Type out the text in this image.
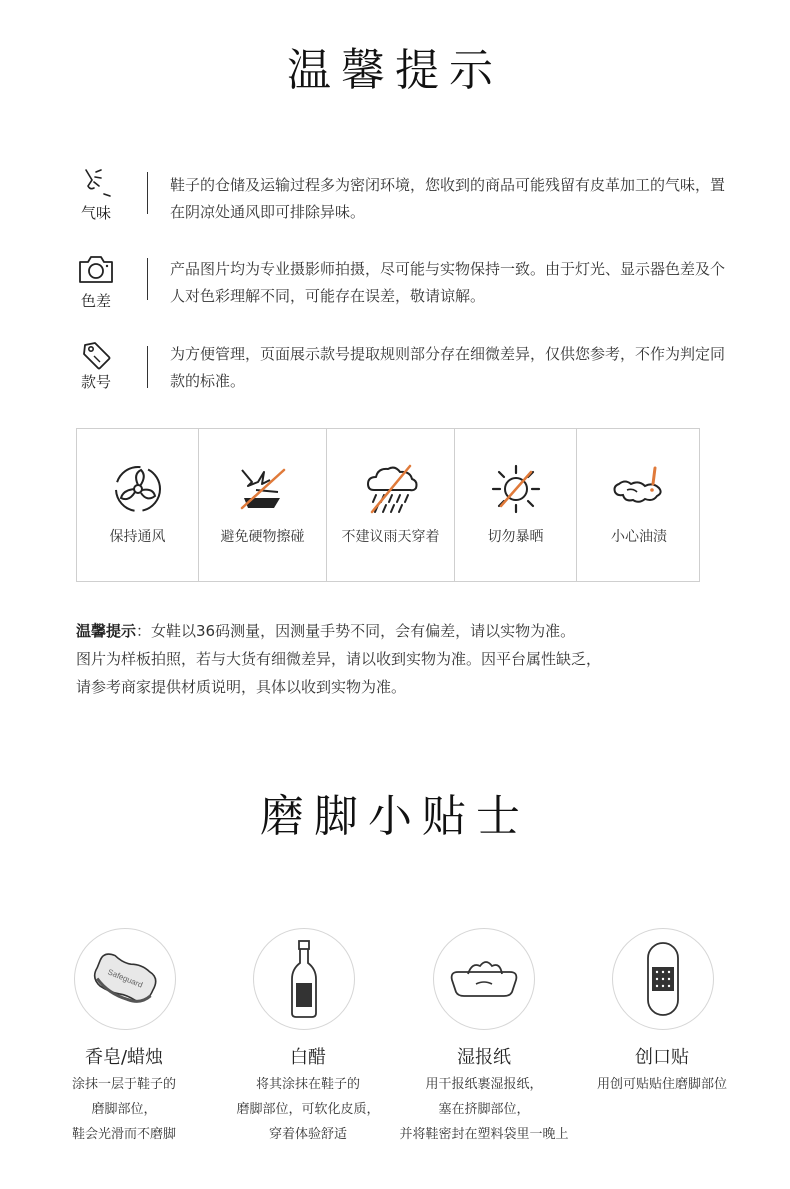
温馨提示
气味
鞋子的仓储及运输过程多为密闭环境，您收到的商品可能残留有皮革加工的气味，置在阴凉处通风即可排除异味。
色差
产品图片均为专业摄影师拍摄，尽可能与实物保持一致。由于灯光、显示器色差及个人对色彩理解不同，可能存在误差，敬请谅解。
款号
为方便管理，页面展示款号提取规则部分存在细微差异，仅供您参考，不作为判定同款的标准。
保持通风	避免硬物擦碰	不建议雨天穿着	切勿暴晒	小心油渍
温馨提示：女鞋以36码测量，因测量手势不同，会有偏差，请以实物为准。
图片为样板拍照，若与大货有细微差异，请以收到实物为准。因平台属性缺乏，
请参考商家提供材质说明，具体以收到实物为准。
磨脚小贴士
Safeguard
香皂/蜡烛
涂抹一层于鞋子的
磨脚部位，
鞋会光滑而不磨脚
白醋
将其涂抹在鞋子的
磨脚部位，可软化皮质，
穿着体验舒适
湿报纸
用干报纸裹湿报纸，
塞在挤脚部位，
并将鞋密封在塑料袋里一晚上
创口贴
用创可贴贴住磨脚部位
